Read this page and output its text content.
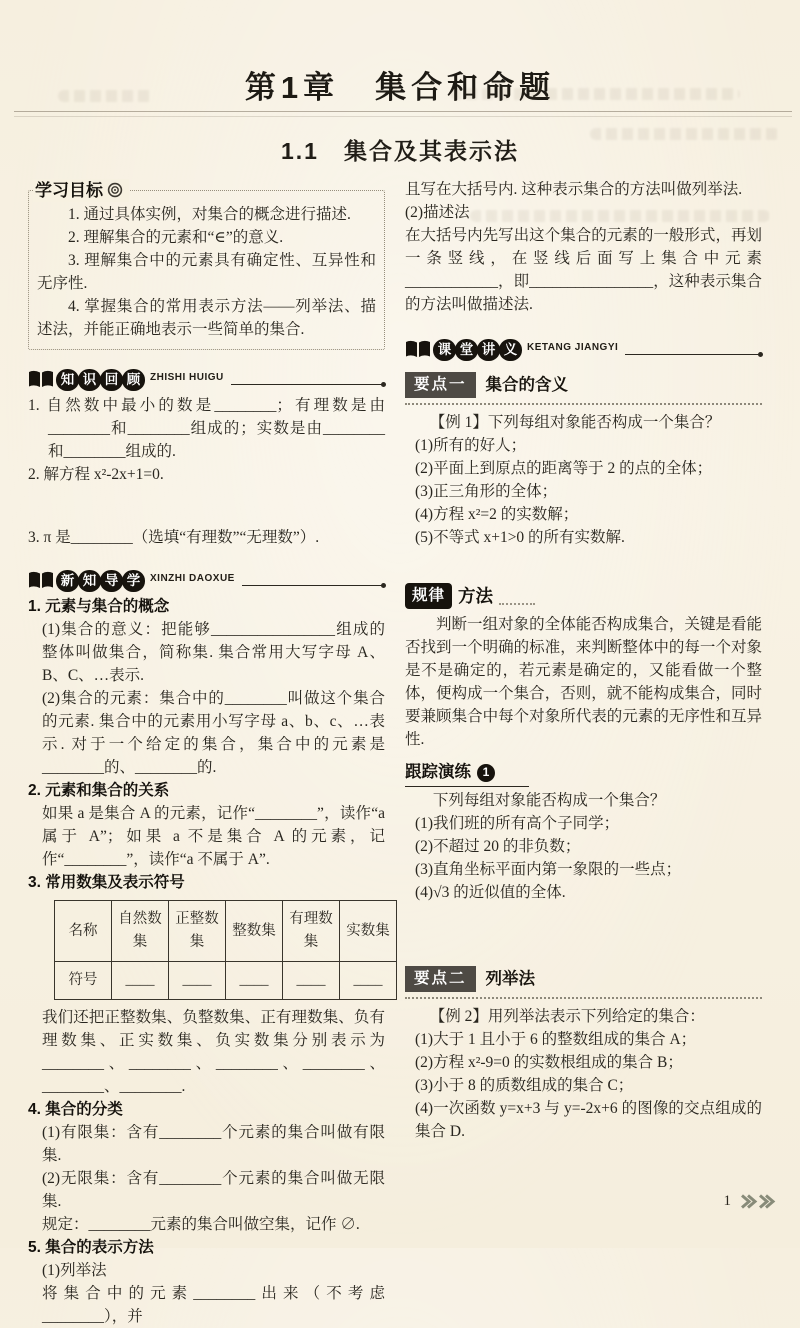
第1章　集合和命题
1.1　集合及其表示法
学习目标

1. 通过具体实例，对集合的概念进行描述.

2. 理解集合的元素和“∈”的意义.

3. 理解集合中的元素具有确定性、互异性和无序性.

4. 掌握集合的常用表示方法——列举法、描述法，并能正确地表示一些简单的集合.

知 识 回 顾 ZHISHI HUIGU

1. 自然数中最小的数是________；有理数是由________和________组成的；实数是由________和________组成的.

2. 解方程 x²-2x+1=0.

3. π 是________（选填“有理数”“无理数”）.

新 知 导 学 XINZHI DAOXUE

1. 元素与集合的概念

(1)集合的意义：把能够________________组成的整体叫做集合，简称集. 集合常用大写字母 A、B、C、…表示.

(2)集合的元素：集合中的________叫做这个集合的元素. 集合中的元素用小写字母 a、b、c、…表示. 对于一个给定的集合，集合中的元素是________的、________的.

2. 元素和集合的关系

如果 a 是集合 A 的元素，记作“________”，读作“a 属于 A”；如果 a 不是集合 A 的元素，记作“________”，读作“a 不属于 A”.

3. 常用数集及表示符号

名称	自然数集	正整数集	整数集	有理数集	实数集
符号	____	____	____	____	____

我们还把正整数集、负整数集、正有理数集、负有理数集、正实数集、负实数集分别表示为________、________、________、________、________、________.

4. 集合的分类

(1)有限集：含有________个元素的集合叫做有限集.

(2)无限集：含有________个元素的集合叫做无限集.

规定：________元素的集合叫做空集，记作 ∅.

5. 集合的表示方法

(1)列举法

将集合中的元素________出来（不考虑________），并

且写在大括号内. 这种表示集合的方法叫做列举法.

(2)描述法

在大括号内先写出这个集合的元素的一般形式，再划一条竖线，在竖线后面写上集合中元素____________，即________________，这种表示集合的方法叫做描述法.

课 堂 讲 义 KETANG JIANGYI
要点一	集合的含义

【例 1】下列每组对象能否构成一个集合？

(1)所有的好人；

(2)平面上到原点的距离等于 2 的点的全体；

(3)正三角形的全体；

(4)方程 x²=2 的实数解；

(5)不等式 x+1>0 的所有实数解.

规律 方法

判断一组对象的全体能否构成集合，关键是看能否找到一个明确的标准，来判断整体中的每一个对象是不是确定的，若元素是确定的，又能看做一个整体，便构成一个集合，否则，就不能构成集合，同时要兼顾集合中每个对象所代表的元素的无序性和互异性.

跟踪演练 1

下列每组对象能否构成一个集合？

(1)我们班的所有高个子同学；

(2)不超过 20 的非负数；

(3)直角坐标平面内第一象限的一些点；

(4)√3 的近似值的全体.

要点二	列举法

【例 2】用列举法表示下列给定的集合：

(1)大于 1 且小于 6 的整数组成的集合 A；

(2)方程 x²-9=0 的实数根组成的集合 B；

(3)小于 8 的质数组成的集合 C；

(4)一次函数 y=x+3 与 y=-2x+6 的图像的交点组成的集合 D.

1
